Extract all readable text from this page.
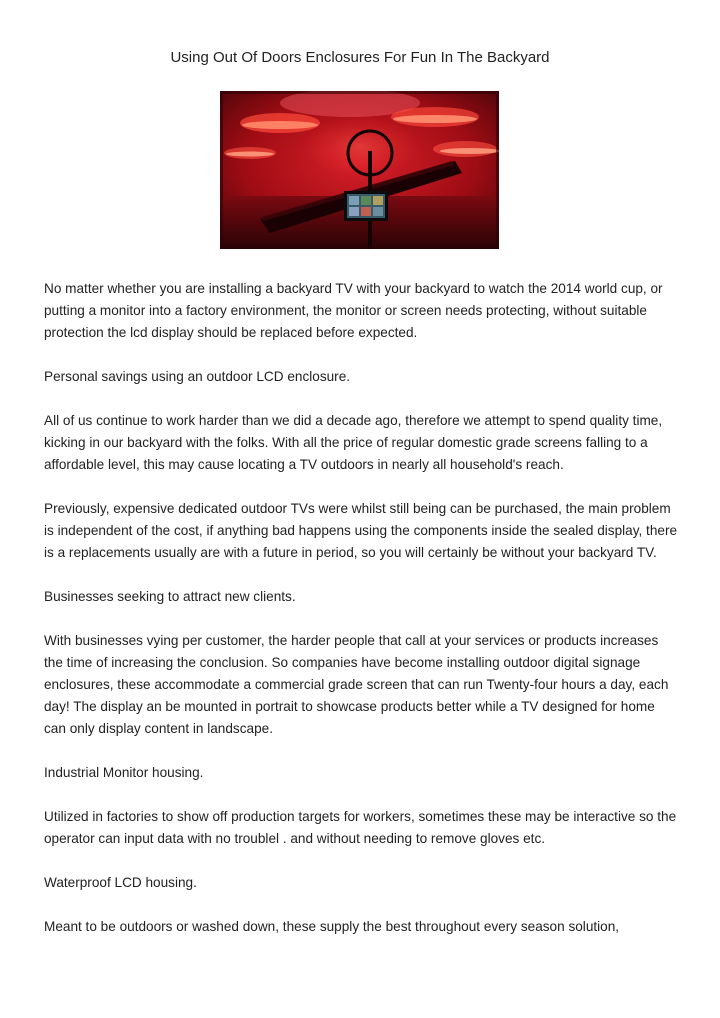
Using Out Of Doors Enclosures For Fun In The Backyard

No matter whether you are installing a backyard TV with your backyard to watch the 2014 world cup, or putting a monitor into a factory environment, the monitor or screen needs protecting, without suitable protection the lcd display should be replaced before expected.

Personal savings using an outdoor LCD enclosure.

All of us continue to work harder than we did a decade ago, therefore we attempt to spend quality time, kicking in our backyard with the folks. With all the price of regular domestic grade screens falling to a affordable level, this may cause locating a TV outdoors in nearly all household's reach.

Previously, expensive dedicated outdoor TVs were whilst still being can be purchased, the main problem is independent of the cost, if anything bad happens using the components inside the sealed display, there is a replacements usually are with a future in period, so you will certainly be without your backyard TV.

Businesses seeking to attract new clients.

With businesses vying per customer, the harder people that call at your services or products increases the time of increasing the conclusion. So companies have become installing outdoor digital signage enclosures, these accommodate a commercial grade screen that can run Twenty-four hours a day, each day! The display an be mounted in portrait to showcase products better while a TV designed for home can only display content in landscape.

Industrial Monitor housing.

Utilized in factories to show off production targets for workers, sometimes these may be interactive so the operator can input data with no troublel . and without needing to remove gloves etc.

Waterproof LCD housing.

Meant to be outdoors or washed down, these supply the best throughout every season solution,
